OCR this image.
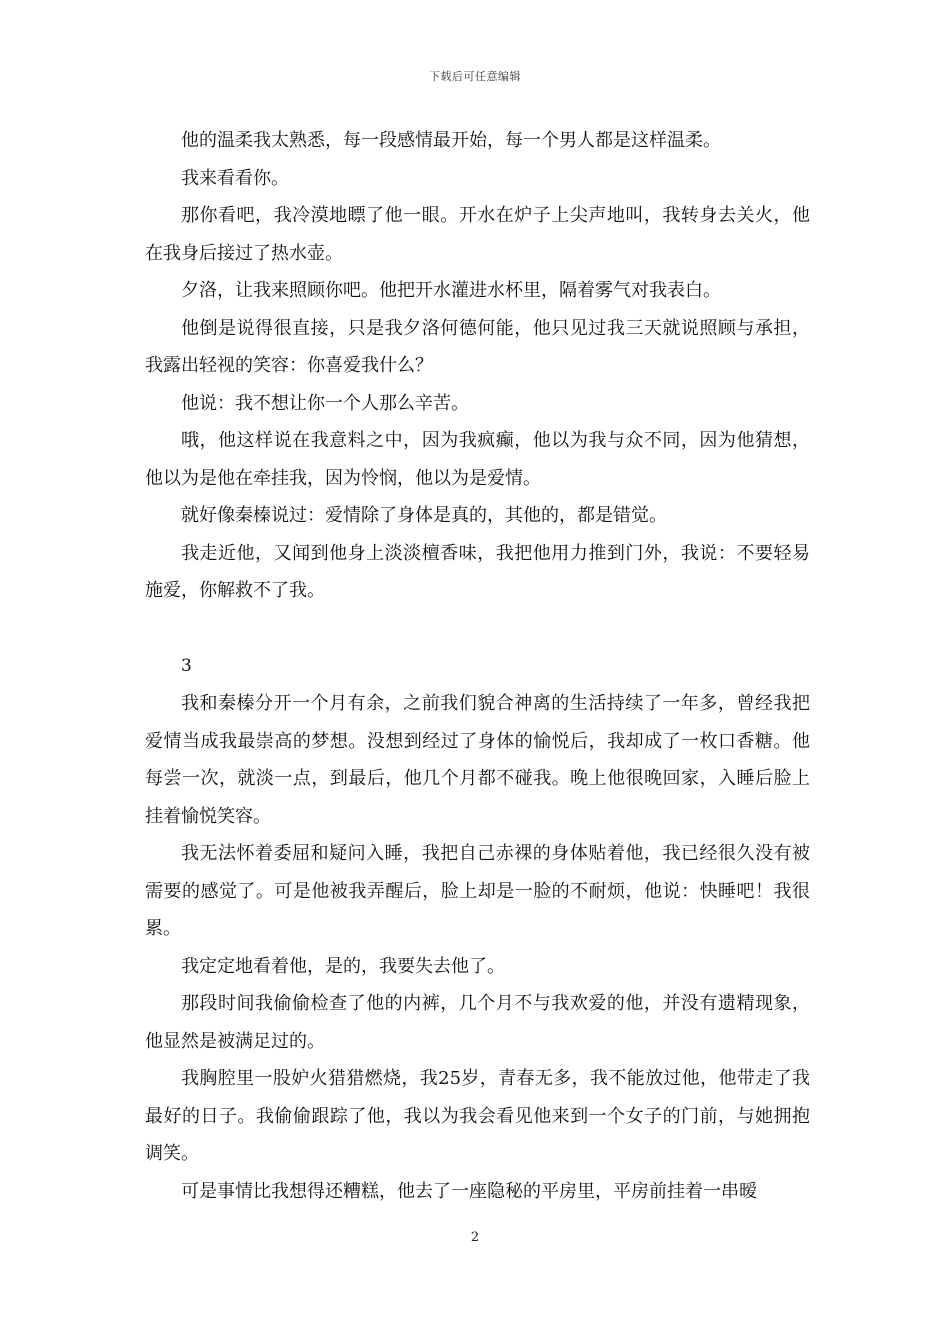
下载后可任意编辑

他的温柔我太熟悉，每一段感情最开始，每一个男人都是这样温柔。

我来看看你。

那你看吧，我冷漠地瞟了他一眼。开水在炉子上尖声地叫，我转身去关火，他在我身后接过了热水壶。

夕洛，让我来照顾你吧。他把开水灌进水杯里，隔着雾气对我表白。

他倒是说得很直接，只是我夕洛何德何能，他只见过我三天就说照顾与承担，我露出轻视的笑容：你喜爱我什么？

他说：我不想让你一个人那么辛苦。

哦，他这样说在我意料之中，因为我疯癫，他以为我与众不同，因为他猜想，他以为是他在牵挂我，因为怜悯，他以为是爱情。

就好像秦榛说过：爱情除了身体是真的，其他的，都是错觉。

我走近他，又闻到他身上淡淡檀香味，我把他用力推到门外，我说：不要轻易施爱，你解救不了我。

3

我和秦榛分开一个月有余，之前我们貌合神离的生活持续了一年多，曾经我把爱情当成我最崇高的梦想。没想到经过了身体的愉悦后，我却成了一枚口香糖。他每尝一次，就淡一点，到最后，他几个月都不碰我。晚上他很晚回家，入睡后脸上挂着愉悦笑容。

我无法怀着委屈和疑问入睡，我把自己赤裸的身体贴着他，我已经很久没有被需要的感觉了。可是他被我弄醒后，脸上却是一脸的不耐烦，他说：快睡吧！我很累。

我定定地看着他，是的，我要失去他了。

那段时间我偷偷检查了他的内裤，几个月不与我欢爱的他，并没有遗精现象，他显然是被满足过的。

我胸腔里一股妒火猎猎燃烧，我25岁，青春无多，我不能放过他，他带走了我最好的日子。我偷偷跟踪了他，我以为我会看见他来到一个女子的门前，与她拥抱调笑。

可是事情比我想得还糟糕，他去了一座隐秘的平房里，平房前挂着一串暧

2
